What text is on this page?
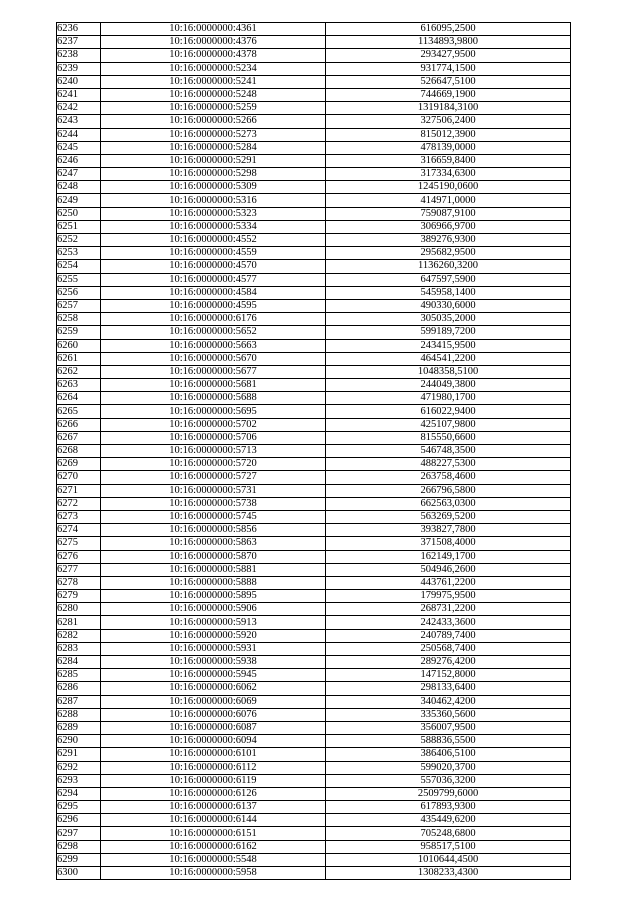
6236	10:16:0000000:4361	616095,2500
6237	10:16:0000000:4376	1134893,9800
6238	10:16:0000000:4378	293427,9500
6239	10:16:0000000:5234	931774,1500
6240	10:16:0000000:5241	526647,5100
6241	10:16:0000000:5248	744669,1900
6242	10:16:0000000:5259	1319184,3100
6243	10:16:0000000:5266	327506,2400
6244	10:16:0000000:5273	815012,3900
6245	10:16:0000000:5284	478139,0000
6246	10:16:0000000:5291	316659,8400
6247	10:16:0000000:5298	317334,6300
6248	10:16:0000000:5309	1245190,0600
6249	10:16:0000000:5316	414971,0000
6250	10:16:0000000:5323	759087,9100
6251	10:16:0000000:5334	306966,9700
6252	10:16:0000000:4552	389276,9300
6253	10:16:0000000:4559	295682,9500
6254	10:16:0000000:4570	1136260,3200
6255	10:16:0000000:4577	647597,5900
6256	10:16:0000000:4584	545958,1400
6257	10:16:0000000:4595	490330,6000
6258	10:16:0000000:6176	305035,2000
6259	10:16:0000000:5652	599189,7200
6260	10:16:0000000:5663	243415,9500
6261	10:16:0000000:5670	464541,2200
6262	10:16:0000000:5677	1048358,5100
6263	10:16:0000000:5681	244049,3800
6264	10:16:0000000:5688	471980,1700
6265	10:16:0000000:5695	616022,9400
6266	10:16:0000000:5702	425107,9800
6267	10:16:0000000:5706	815550,6600
6268	10:16:0000000:5713	546748,3500
6269	10:16:0000000:5720	488227,5300
6270	10:16:0000000:5727	263758,4600
6271	10:16:0000000:5731	266796,5800
6272	10:16:0000000:5738	662563,0300
6273	10:16:0000000:5745	563269,5200
6274	10:16:0000000:5856	393827,7800
6275	10:16:0000000:5863	371508,4000
6276	10:16:0000000:5870	162149,1700
6277	10:16:0000000:5881	504946,2600
6278	10:16:0000000:5888	443761,2200
6279	10:16:0000000:5895	179975,9500
6280	10:16:0000000:5906	268731,2200
6281	10:16:0000000:5913	242433,3600
6282	10:16:0000000:5920	240789,7400
6283	10:16:0000000:5931	250568,7400
6284	10:16:0000000:5938	289276,4200
6285	10:16:0000000:5945	147152,8000
6286	10:16:0000000:6062	298133,6400
6287	10:16:0000000:6069	340462,4200
6288	10:16:0000000:6076	335360,5600
6289	10:16:0000000:6087	356007,9500
6290	10:16:0000000:6094	588836,5500
6291	10:16:0000000:6101	386406,5100
6292	10:16:0000000:6112	599020,3700
6293	10:16:0000000:6119	557036,3200
6294	10:16:0000000:6126	2509799,6000
6295	10:16:0000000:6137	617893,9300
6296	10:16:0000000:6144	435449,6200
6297	10:16:0000000:6151	705248,6800
6298	10:16:0000000:6162	958517,5100
6299	10:16:0000000:5548	1010644,4500
6300	10:16:0000000:5958	1308233,4300
